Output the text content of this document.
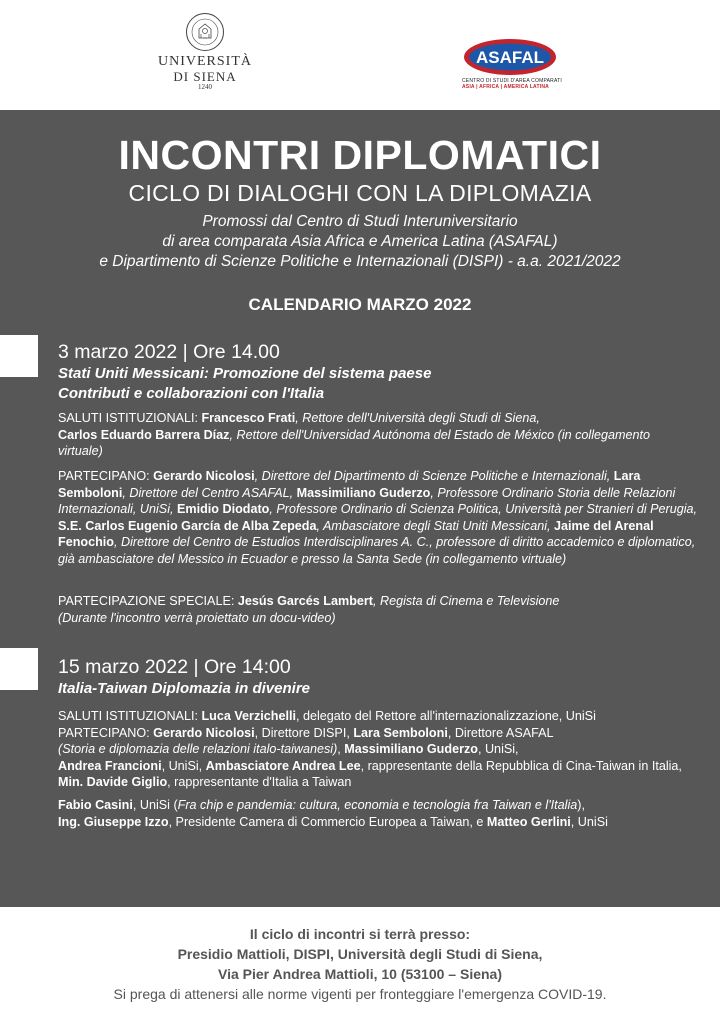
UNIVERSITÀ
DI SIENA
1240
ASAFAL
CENTRO DI STUDI D'AREA COMPARATI
ASIA | AFRICA | AMERICA LATINA
INCONTRI DIPLOMATICI
CICLO DI DIALOGHI CON LA DIPLOMAZIA
Promossi dal Centro di Studi Interuniversitario
di area comparata Asia Africa e America Latina (ASAFAL)
e Dipartimento di Scienze Politiche e Internazionali (DISPI) - a.a. 2021/2022
CALENDARIO MARZO 2022
3 marzo 2022 | Ore 14.00
Stati Uniti Messicani: Promozione del sistema paese
Contributi e collaborazioni con l'Italia

SALUTI ISTITUZIONALI: Francesco Frati, Rettore dell'Università degli Studi di Siena,
Carlos Eduardo Barrera Díaz, Rettore dell'Universidad Autónoma del Estado de México (in collegamento virtuale)

PARTECIPANO: Gerardo Nicolosi, Direttore del Dipartimento di Scienze Politiche e Internazionali, Lara Semboloni, Direttore del Centro ASAFAL, Massimiliano Guderzo, Professore Ordinario Storia delle Relazioni Internazionali, UniSi, Emidio Diodato, Professore Ordinario di Scienza Politica, Università per Stranieri di Perugia, S.E. Carlos Eugenio García de Alba Zepeda, Ambasciatore degli Stati Uniti Messicani, Jaime del Arenal Fenochio, Direttore del Centro de Estudios Interdisciplinares A. C., professore di diritto accademico e diplomatico, già ambasciatore del Messico in Ecuador e presso la Santa Sede (in collegamento virtuale)

PARTECIPAZIONE SPECIALE: Jesús Garcés Lambert, Regista di Cinema e Televisione
(Durante l'incontro verrà proiettato un docu-video)

15 marzo 2022 | Ore 14:00
Italia-Taiwan Diplomazia in divenire

SALUTI ISTITUZIONALI: Luca Verzichelli, delegato del Rettore all'internazionalizzazione, UniSi
PARTECIPANO: Gerardo Nicolosi, Direttore DISPI, Lara Semboloni, Direttore ASAFAL
(Storia e diplomazia delle relazioni italo-taiwanesi), Massimiliano Guderzo, UniSi,
Andrea Francioni, UniSi, Ambasciatore Andrea Lee, rappresentante della Repubblica di Cina-Taiwan in Italia, Min. Davide Giglio, rappresentante d'Italia a Taiwan

Fabio Casini, UniSi (Fra chip e pandemia: cultura, economia e tecnologia fra Taiwan e l'Italia),
Ing. Giuseppe Izzo, Presidente Camera di Commercio Europea a Taiwan, e Matteo Gerlini, UniSi

Il ciclo di incontri si terrà presso:
Presidio Mattioli, DISPI, Università degli Studi di Siena,
Via Pier Andrea Mattioli, 10 (53100 – Siena)
Si prega di attenersi alle norme vigenti per fronteggiare l'emergenza COVID-19.
